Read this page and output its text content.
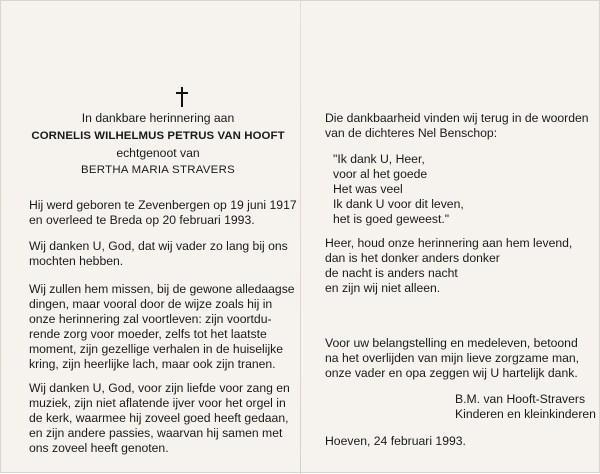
In dankbare herinnering aan
CORNELIS WILHELMUS PETRUS VAN HOOFT
echtgenoot van
BERTHA MARIA STRAVERS

Hij werd geboren te Zevenbergen op 19 juni 1917
en overleed te Breda op 20 februari 1993.

Wij danken U, God, dat wij vader zo lang bij ons
mochten hebben.

Wij zullen hem missen, bij de gewone alledaagse
dingen, maar vooral door de wijze zoals hij in
onze herinnering zal voortleven: zijn voortdu-
rende zorg voor moeder, zelfs tot het laatste
moment, zijn gezellige verhalen in de huiselijke
kring, zijn heerlijke lach, maar ook zijn tranen.

Wij danken U, God, voor zijn liefde voor zang en
muziek, zijn niet aflatende ijver voor het orgel in
de kerk, waarmee hij zoveel goed heeft gedaan,
en zijn andere passies, waarvan hij samen met
ons zoveel heeft genoten.

Die dankbaarheid vinden wij terug in de woorden
van de dichteres Nel Benschop:

"Ik dank U, Heer,
voor al het goede
Het was veel
Ik dank U voor dit leven,
het is goed geweest."

Heer, houd onze herinnering aan hem levend,
dan is het donker anders donker
de nacht is anders nacht
en zijn wij niet alleen.

Voor uw belangstelling en medeleven, betoond
na het overlijden van mijn lieve zorgzame man,
onze vader en opa zeggen wij U hartelijk dank.

B.M. van Hooft-Stravers
Kinderen en kleinkinderen

Hoeven, 24 februari 1993.
